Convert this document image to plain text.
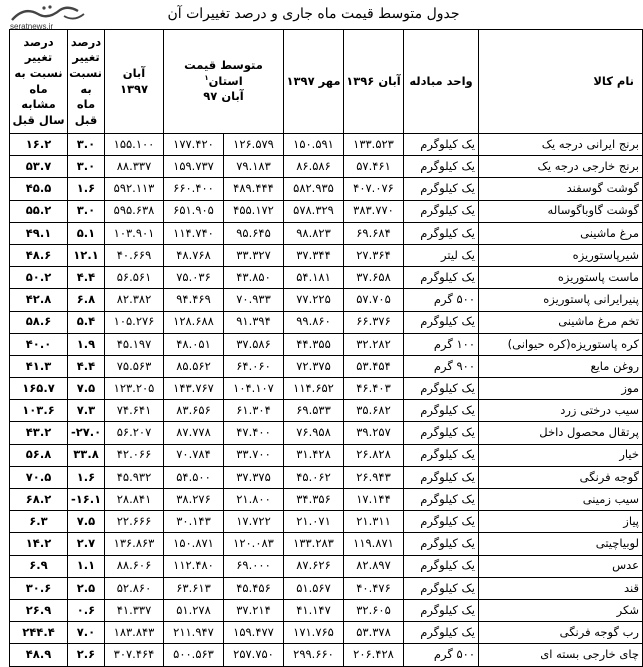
seratnews.ir
جدول متوسط قیمت ماه جاری و درصد تغییرات آن
نام کالا	واحد مبادله	آبان ۱۳۹۶	مهر ۱۳۹۷	متوسط قیمت استان$^۱$
آبان ۹۷		آبان ۱۳۹۷	درصد تغییر نسبت به ماه قبل	درصد تغییر نسبت به ماه مشابه سال قبل
برنج ایرانی درجه یک	یک کیلوگرم	۱۳۳.۵۲۳	۱۵۰.۵۹۱	۱۲۶.۵۷۹	۱۷۷.۴۲۰	۱۵۵.۱۰۰	۳.۰	۱۶.۲
برنج خارجی درجه یک	یک کیلوگرم	۵۷.۴۶۱	۸۶.۵۸۶	۷۹.۱۸۳	۱۵۹.۷۳۷	۸۸.۳۳۷	۳.۰	۵۳.۷
گوشت گوسفند	یک کیلوگرم	۴۰۷.۰۷۶	۵۸۲.۹۳۵	۴۸۹.۴۴۴	۶۶۰.۴۰۰	۵۹۲.۱۱۳	۱.۶	۴۵.۵
گوشت گاوباگوساله	یک کیلوگرم	۳۸۳.۷۷۰	۵۷۸.۳۲۹	۴۵۵.۱۷۲	۶۵۱.۹۰۵	۵۹۵.۶۳۸	۳.۰	۵۵.۲
مرغ ماشینی	یک کیلوگرم	۶۹.۶۸۴	۹۸.۸۲۳	۹۵.۶۴۵	۱۱۴.۷۴۰	۱۰۳.۹۰۱	۵.۱	۴۹.۱
شیرپاستوریزه	یک لیتر	۲۷.۳۶۴	۳۷.۳۴۴	۳۳.۳۲۷	۴۸.۷۶۸	۴۰.۶۶۹	۱۲.۱	۴۸.۶
ماست پاستوریزه	یک کیلوگرم	۳۷.۶۵۸	۵۴.۱۸۱	۴۳.۸۵۰	۷۵.۰۳۶	۵۶.۵۶۱	۴.۴	۵۰.۲
پنیرایرانی پاستوریزه	۵۰۰ گرم	۵۷.۷۰۵	۷۷.۲۲۵	۷۰.۹۳۳	۹۴.۴۶۹	۸۲.۳۸۲	۶.۸	۴۲.۸
تخم مرغ ماشینی	یک کیلوگرم	۶۶.۳۷۶	۹۹.۸۶۰	۹۱.۳۹۴	۱۲۸.۶۸۸	۱۰۵.۲۷۶	۵.۴	۵۸.۶
کره پاستوریزه(کره حیوانی)	۱۰۰ گرم	۳۲.۲۸۲	۴۴.۳۵۵	۳۷.۵۸۶	۴۸.۰۵۱	۴۵.۱۹۷	۱.۹	۴۰.۰
روغن مایع	۹۰۰ گرم	۵۳.۴۵۴	۷۲.۳۷۵	۶۴.۰۶۰	۸۵.۵۶۲	۷۵.۵۶۳	۴.۴	۴۱.۳
موز	یک کیلوگرم	۴۶.۴۰۳	۱۱۴.۶۵۲	۱۰۴.۱۰۷	۱۴۳.۷۶۷	۱۲۳.۲۰۵	۷.۵	۱۶۵.۷
سیب درختی زرد	یک کیلوگرم	۳۵.۶۸۲	۶۹.۵۳۳	۶۱.۳۰۴	۸۳.۶۵۶	۷۴.۶۴۱	۷.۳	۱۰۳.۶
پرتقال محصول داخل	یک کیلوگرم	۳۹.۲۵۷	۷۶.۹۵۸	۴۷.۴۰۰	۸۷.۷۷۸	۵۶.۲۰۷	-۲۷.۰	۴۳.۲
خیار	یک کیلوگرم	۲۶.۸۲۸	۳۱.۴۲۸	۳۳.۷۰۰	۷۰.۷۸۴	۴۲.۰۶۶	۳۳.۸	۵۶.۸
گوجه فرنگی	یک کیلوگرم	۲۶.۹۴۳	۴۵.۰۶۲	۳۷.۳۷۵	۵۴.۵۰۰	۴۵.۹۳۲	۱.۶	۷۰.۵
سیب زمینی	یک کیلوگرم	۱۷.۱۴۴	۳۴.۳۵۶	۲۱.۸۰۰	۳۸.۲۷۶	۲۸.۸۴۱	-۱۶.۱	۶۸.۲
پیاز	یک کیلوگرم	۲۱.۳۱۱	۲۱.۰۷۱	۱۷.۷۲۲	۳۰.۱۴۳	۲۲.۶۶۶	۷.۵	۶.۳
لوبیاچیتی	یک کیلوگرم	۱۱۹.۸۷۱	۱۳۳.۲۸۳	۱۲۰.۰۸۳	۱۵۰.۸۷۱	۱۳۶.۸۶۳	۲.۷	۱۴.۲
عدس	یک کیلوگرم	۸۲.۸۹۷	۸۷.۶۲۶	۶۹.۰۰۰	۱۱۲.۴۸۰	۸۸.۶۰۶	۱.۱	۶.۹
قند	یک کیلوگرم	۴۰.۴۷۶	۵۱.۵۶۷	۴۵.۴۵۶	۶۳.۶۱۳	۵۲.۸۶۰	۲.۵	۳۰.۶
شکر	یک کیلوگرم	۳۲.۶۰۵	۴۱.۱۴۷	۳۷.۲۱۴	۵۱.۲۷۸	۴۱.۳۳۷	۰.۶	۲۶.۹
رب گوجه فرنگی	یک کیلوگرم	۵۳.۳۷۸	۱۷۱.۷۶۵	۱۵۹.۴۷۷	۲۱۱.۹۴۷	۱۸۳.۸۴۳	۷.۰	۲۴۴.۴
چای خارجی بسته ای	۵۰۰ گرم	۲۰۶.۴۲۸	۲۹۹.۶۶۰	۲۵۷.۷۵۰	۵۰۰.۵۶۳	۳۰۷.۴۶۴	۲.۶	۴۸.۹
